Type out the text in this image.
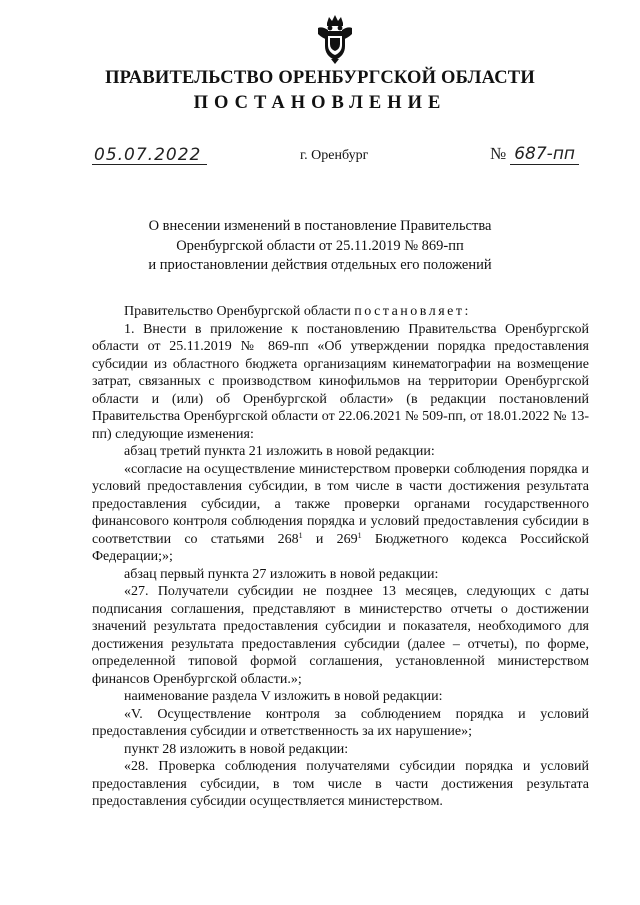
ПРАВИТЕЛЬСТВО ОРЕНБУРГСКОЙ ОБЛАСТИ
ПОСТАНОВЛЕНИЕ
05.07.2022	г. Оренбург	№ 687-пп
О внесении изменений в постановление Правительства
Оренбургской области от 25.11.2019 № 869-пп
и приостановлении действия отдельных его положений

Правительство Оренбургской области постановляет:

1. Внести в приложение к постановлению Правительства Оренбургской области от 25.11.2019 № 869-пп «Об утверждении порядка предоставления субсидии из областного бюджета организациям кинематографии на возмещение затрат, связанных с производством кинофильмов на территории Оренбургской области и (или) об Оренбургской области» (в редакции постановлений Правительства Оренбургской области от 22.06.2021 № 509-пп, от 18.01.2022 № 13-пп) следующие изменения:

абзац третий пункта 21 изложить в новой редакции:

«согласие на осуществление министерством проверки соблюдения порядка и условий предоставления субсидии, в том числе в части достижения результата предоставления субсидии, а также проверки органами государственного финансового контроля соблюдения порядка и условий предоставления субсидии в соответствии со статьями $268^1$ и $269^1$ Бюджетного кодекса Российской Федерации;»;

абзац первый пункта 27 изложить в новой редакции:

«27. Получатели субсидии не позднее 13 месяцев, следующих с даты подписания соглашения, представляют в министерство отчеты о достижении значений результата предоставления субсидии и показателя, необходимого для достижения результата предоставления субсидии (далее – отчеты), по форме, определенной типовой формой соглашения, установленной министерством финансов Оренбургской области.»;

наименование раздела V изложить в новой редакции:

«V. Осуществление контроля за соблюдением порядка и условий предоставления субсидии и ответственность за их нарушение»;

пункт 28 изложить в новой редакции:

«28. Проверка соблюдения получателями субсидии порядка и условий предоставления субсидии, в том числе в части достижения результата предоставления субсидии осуществляется министерством.
